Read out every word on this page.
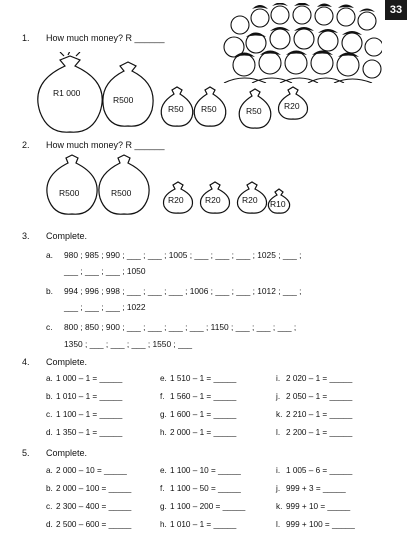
33
1. How much money? R ______
R1 000
R500
R50 R50	R50	R20
2. How much money? R ______
R500	R500
R20	R20	R20 R10
3. Complete.
a. 980 ; 985 ; 990 ; ___ ; ___ ; 1005 ; ___ ; ___ ; ___ ; 1025 ; ___ ;
___ ; ___ ; ___ ; 1050
b. 994 ; 996 ; 998 ; ___ ; ___ ; ___ ; 1006 ; ___ ; ___ ; 1012 ; ___ ;
___ ; ___ ; ___ ; 1022
c. 800 ; 850 ; 900 ; ___ ; ___ ; ___ ; ___ ; 1150 ; ___ ; ___ ; ___ ;
1350 ; ___ ; ___ ; ___ ; 1550 ; ___
4. Complete.
a. 1 000 – 1 = _____
b. 1 010 – 1 = _____
c. 1 100 – 1 = _____
d. 1 350 – 1 = _____
e. 1 510 – 1 = _____
f. 1 560 – 1 = _____
g. 1 600 – 1 = _____
h. 2 000 – 1 = _____
i. 2 020 – 1 = _____
j. 2 050 – 1 = _____
k. 2 210 – 1 = _____
l. 2 200 – 1 = _____
5. Complete.
a. 2 000 – 10 = _____
b. 2 000 – 100 = _____
c. 2 300 – 400 = _____
d. 2 500 – 600 = _____
e. 1 100 – 10 = _____
f. 1 100 – 50 = _____
g. 1 100 – 200 = _____
h. 1 010 – 1 = _____
i. 1 005 – 6 = _____
j. 999 + 3 = _____
k. 999 + 10 = _____
l. 999 + 100 = _____
